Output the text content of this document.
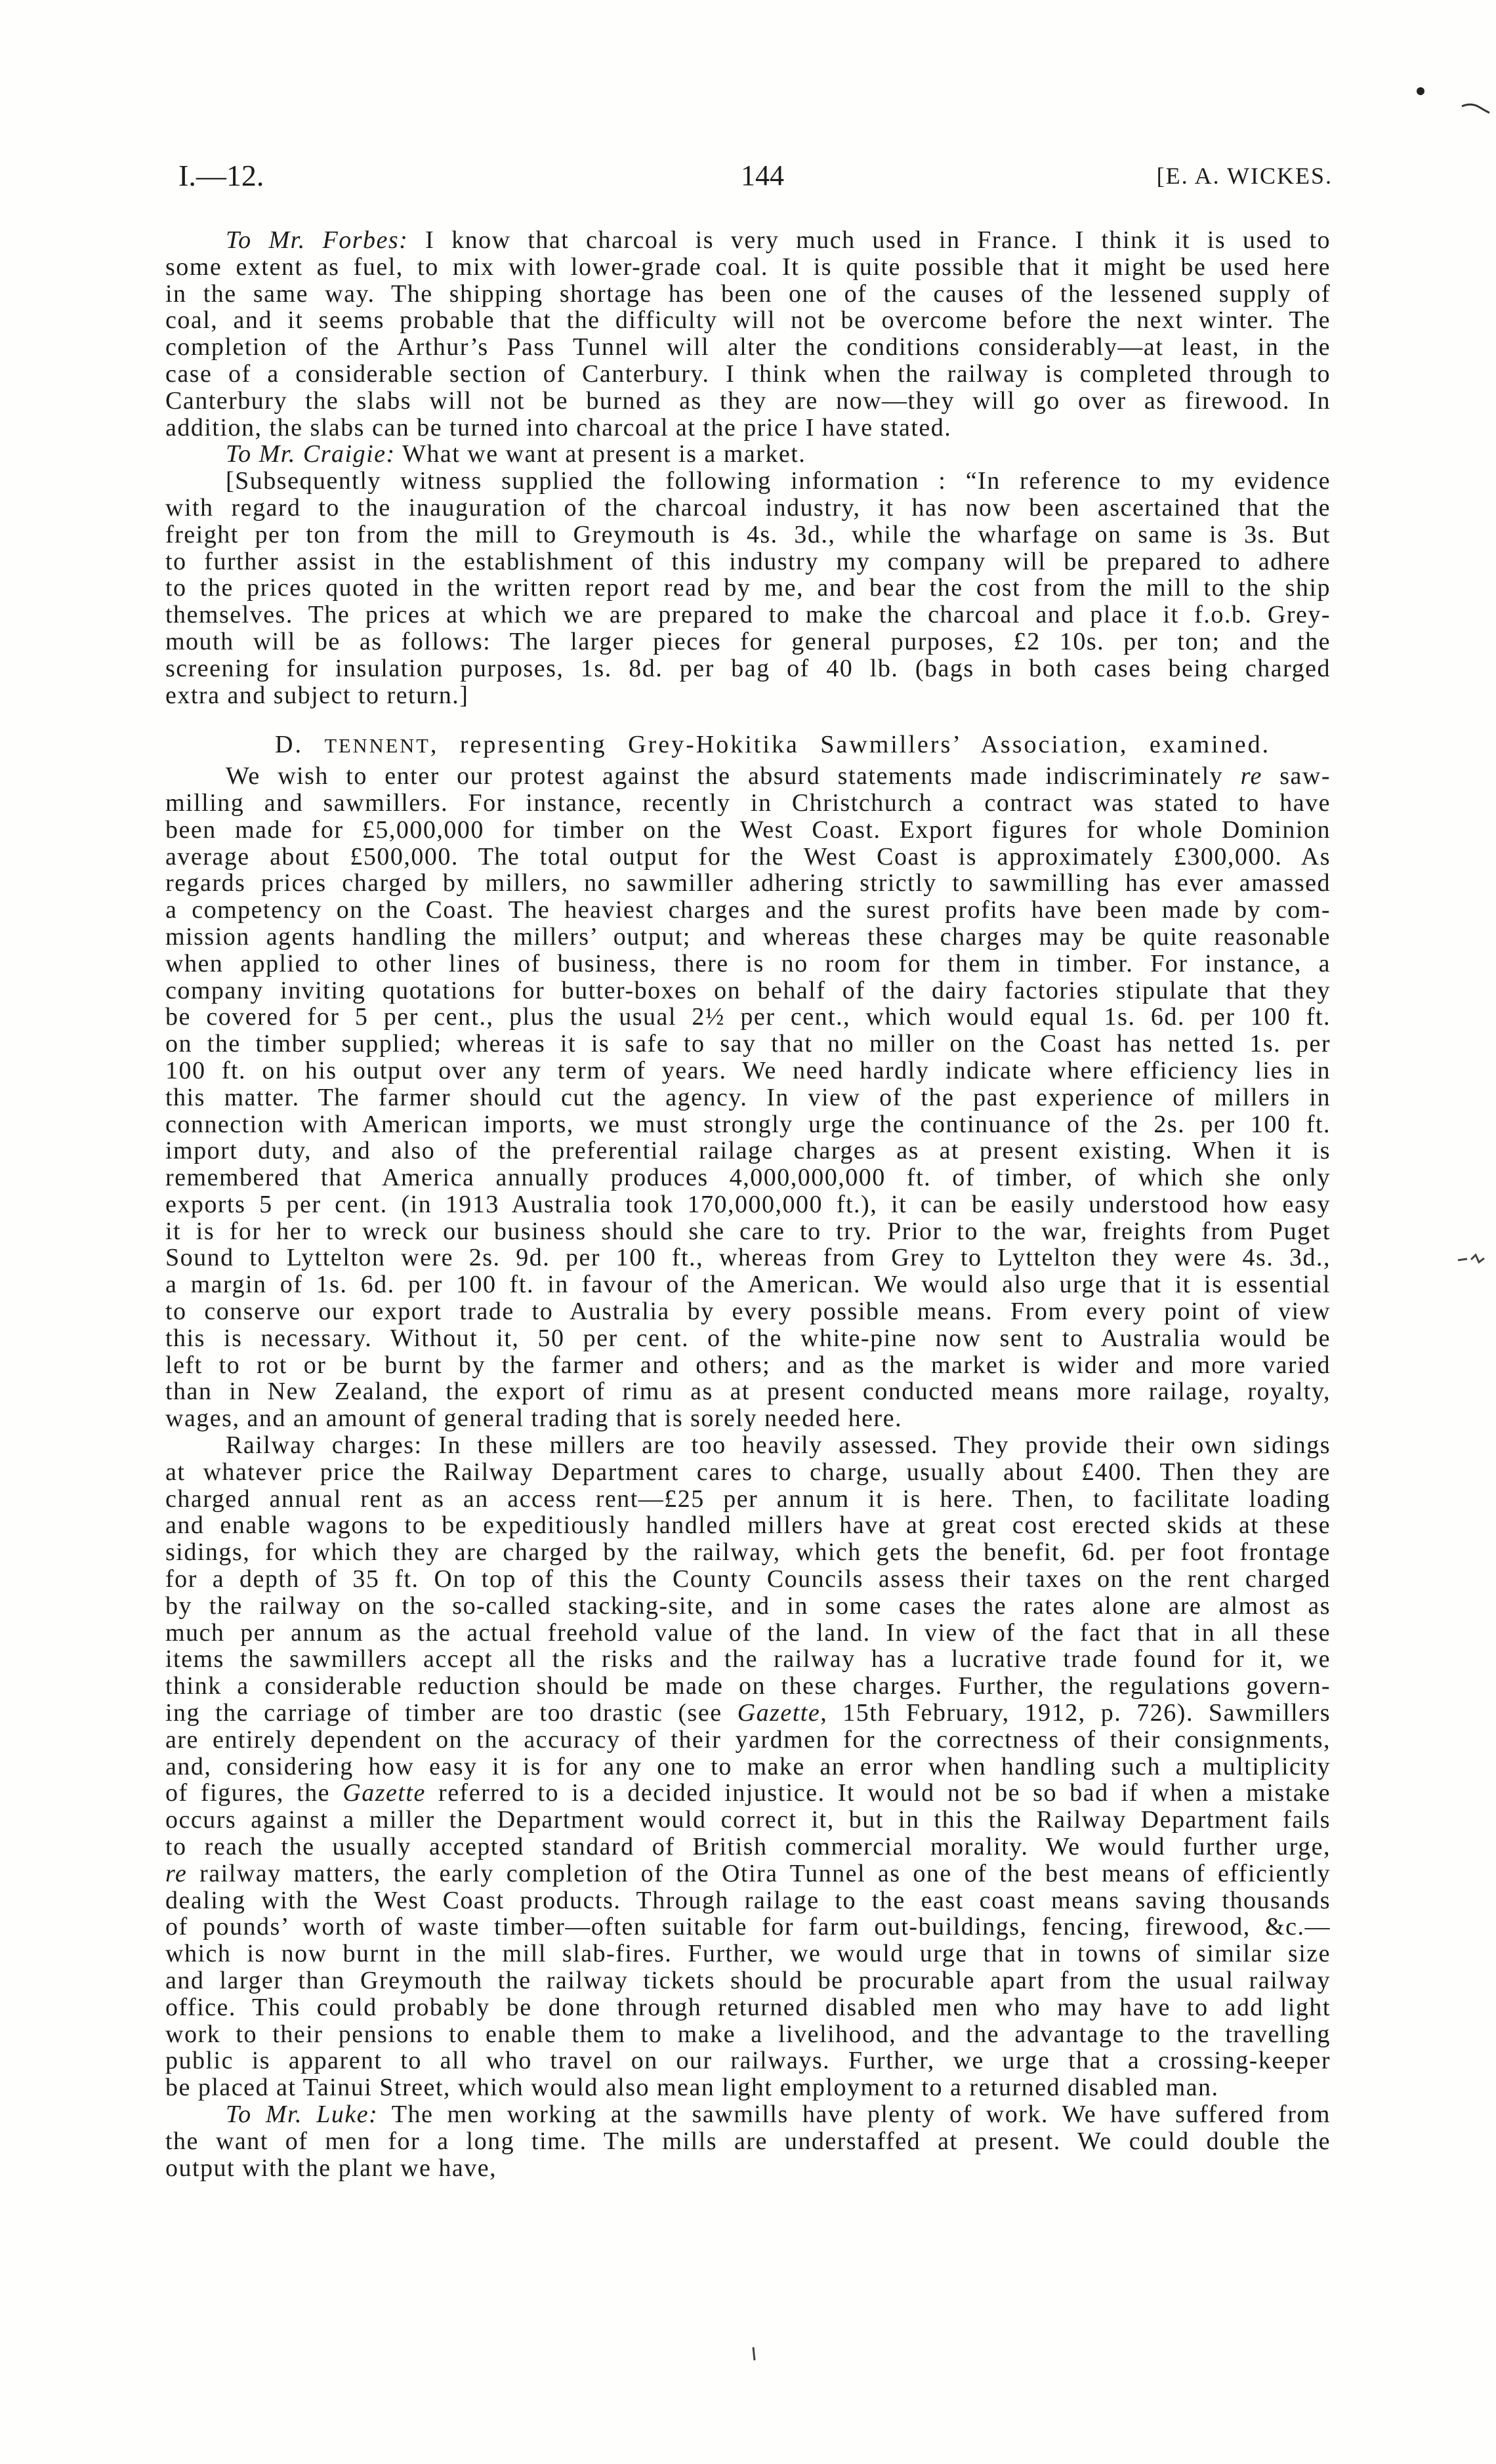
I.—12.	144	[E. A. WICKES.
To Mr. Forbes: I know that charcoal is very much used in France. I think it is used to
some extent as fuel, to mix with lower-grade coal. It is quite possible that it might be used here
in the same way. The shipping shortage has been one of the causes of the lessened supply of
coal, and it seems probable that the difficulty will not be overcome before the next winter. The
completion of the Arthur’s Pass Tunnel will alter the conditions considerably—at least, in the
case of a considerable section of Canterbury. I think when the railway is completed through to
Canterbury the slabs will not be burned as they are now—they will go over as firewood. In
addition, the slabs can be turned into charcoal at the price I have stated.
To Mr. Craigie: What we want at present is a market.
[Subsequently witness supplied the following information : “In reference to my evidence
with regard to the inauguration of the charcoal industry, it has now been ascertained that the
freight per ton from the mill to Greymouth is 4s. 3d., while the wharfage on same is 3s. But
to further assist in the establishment of this industry my company will be prepared to adhere
to the prices quoted in the written report read by me, and bear the cost from the mill to the ship
themselves. The prices at which we are prepared to make the charcoal and place it f.o.b. Grey-
mouth will be as follows: The larger pieces for general purposes, £2 10s. per ton; and the
screening for insulation purposes, 1s. 8d. per bag of 40 lb. (bags in both cases being charged
extra and subject to return.]
D. TENNENT, representing Grey-Hokitika Sawmillers’ Association, examined.
We wish to enter our protest against the absurd statements made indiscriminately re saw-
milling and sawmillers. For instance, recently in Christchurch a contract was stated to have
been made for £5,000,000 for timber on the West Coast. Export figures for whole Dominion
average about £500,000. The total output for the West Coast is approximately £300,000. As
regards prices charged by millers, no sawmiller adhering strictly to sawmilling has ever amassed
a competency on the Coast. The heaviest charges and the surest profits have been made by com-
mission agents handling the millers’ output; and whereas these charges may be quite reasonable
when applied to other lines of business, there is no room for them in timber. For instance, a
company inviting quotations for butter-boxes on behalf of the dairy factories stipulate that they
be covered for 5 per cent., plus the usual 2½ per cent., which would equal 1s. 6d. per 100 ft.
on the timber supplied; whereas it is safe to say that no miller on the Coast has netted 1s. per
100 ft. on his output over any term of years. We need hardly indicate where efficiency lies in
this matter. The farmer should cut the agency. In view of the past experience of millers in
connection with American imports, we must strongly urge the continuance of the 2s. per 100 ft.
import duty, and also of the preferential railage charges as at present existing. When it is
remembered that America annually produces 4,000,000,000 ft. of timber, of which she only
exports 5 per cent. (in 1913 Australia took 170,000,000 ft.), it can be easily understood how easy
it is for her to wreck our business should she care to try. Prior to the war, freights from Puget
Sound to Lyttelton were 2s. 9d. per 100 ft., whereas from Grey to Lyttelton they were 4s. 3d.,
a margin of 1s. 6d. per 100 ft. in favour of the American. We would also urge that it is essential
to conserve our export trade to Australia by every possible means. From every point of view
this is necessary. Without it, 50 per cent. of the white-pine now sent to Australia would be
left to rot or be burnt by the farmer and others; and as the market is wider and more varied
than in New Zealand, the export of rimu as at present conducted means more railage, royalty,
wages, and an amount of general trading that is sorely needed here.
Railway charges: In these millers are too heavily assessed. They provide their own sidings
at whatever price the Railway Department cares to charge, usually about £400. Then they are
charged annual rent as an access rent—£25 per annum it is here. Then, to facilitate loading
and enable wagons to be expeditiously handled millers have at great cost erected skids at these
sidings, for which they are charged by the railway, which gets the benefit, 6d. per foot frontage
for a depth of 35 ft. On top of this the County Councils assess their taxes on the rent charged
by the railway on the so-called stacking-site, and in some cases the rates alone are almost as
much per annum as the actual freehold value of the land. In view of the fact that in all these
items the sawmillers accept all the risks and the railway has a lucrative trade found for it, we
think a considerable reduction should be made on these charges. Further, the regulations govern-
ing the carriage of timber are too drastic (see Gazette, 15th February, 1912, p. 726). Sawmillers
are entirely dependent on the accuracy of their yardmen for the correctness of their consignments,
and, considering how easy it is for any one to make an error when handling such a multiplicity
of figures, the Gazette referred to is a decided injustice. It would not be so bad if when a mistake
occurs against a miller the Department would correct it, but in this the Railway Department fails
to reach the usually accepted standard of British commercial morality. We would further urge,
re railway matters, the early completion of the Otira Tunnel as one of the best means of efficiently
dealing with the West Coast products. Through railage to the east coast means saving thousands
of pounds’ worth of waste timber—often suitable for farm out-buildings, fencing, firewood, &c.—
which is now burnt in the mill slab-fires. Further, we would urge that in towns of similar size
and larger than Greymouth the railway tickets should be procurable apart from the usual railway
office. This could probably be done through returned disabled men who may have to add light
work to their pensions to enable them to make a livelihood, and the advantage to the travelling
public is apparent to all who travel on our railways. Further, we urge that a crossing-keeper
be placed at Tainui Street, which would also mean light employment to a returned disabled man.
To Mr. Luke: The men working at the sawmills have plenty of work. We have suffered from
the want of men for a long time. The mills are understaffed at present. We could double the
output with the plant we have,
